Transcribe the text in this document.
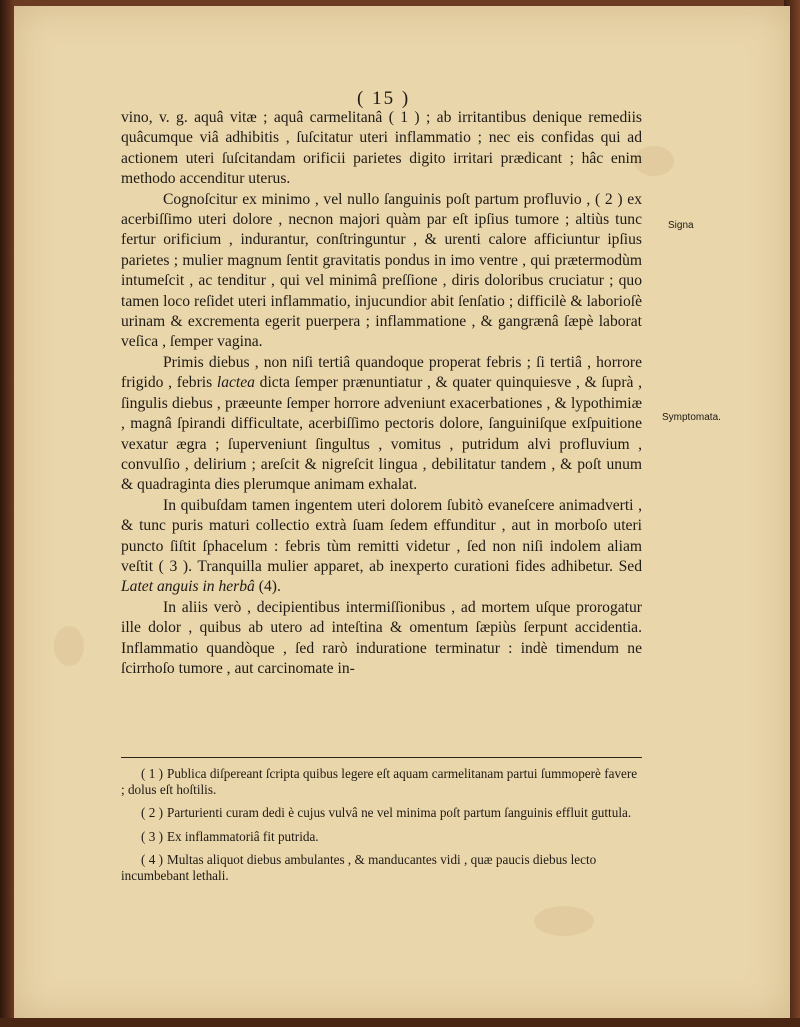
( 15 )
Signa
Symptomata.

vino, v. g. aquâ vitæ ; aquâ carmelitanâ ( 1 ) ; ab irritantibus denique remediis quâcumque viâ adhibitis , ſuſcitatur uteri inflammatio ; nec eis confidas qui ad actionem uteri ſuſcitandam orificii parietes digito irritari prædicant ; hâc enim methodo accenditur uterus.

Cognoſcitur ex minimo , vel nullo ſanguinis poſt partum profluvio , ( 2 ) ex acerbiſſimo uteri dolore , necnon majori quàm par eſt ipſius tumore ; altiùs tunc fertur orificium , indurantur, conſtringuntur , & urenti calore afficiuntur ipſius parietes ; mulier magnum ſentit gravitatis pondus in imo ventre , qui prætermodùm intumeſcit , ac tenditur , qui vel minimâ preſſione , diris doloribus cruciatur ; quo tamen loco reſidet uteri inflammatio, injucundior abit ſenſatio ; difficilè & laborioſè urinam & excrementa egerit puerpera ; inflammatione , & gangrænâ ſæpè laborat veſica , ſemper vagina.

Primis diebus , non niſi tertiâ quandoque properat febris ; ſi tertiâ , horrore frigido , febris lactea dicta ſemper prænuntiatur , & quater quinquiesve , & ſuprà , ſingulis diebus , præeunte ſemper horrore adveniunt exacerbationes , & lypothimiæ , magnâ ſpirandi difficultate, acerbiſſimo pectoris dolore, ſanguiniſque exſpuitione vexatur ægra ; ſuperveniunt ſingultus , vomitus , putridum alvi profluvium , convulſio , delirium ; areſcit & nigreſcit lingua , debilitatur tandem , & poſt unum & quadraginta dies plerumque animam exhalat.

In quibuſdam tamen ingentem uteri dolorem ſubitò evaneſcere animadverti , & tunc puris maturi collectio extrà ſuam ſedem effunditur , aut in morboſo uteri puncto ſiſtit ſphacelum : febris tùm remitti videtur , ſed non niſi indolem aliam veſtit ( 3 ). Tranquilla mulier apparet, ab inexperto curationi fides adhibetur. Sed Latet anguis in herbâ (4).

In aliis verò , decipientibus intermiſſionibus , ad mortem uſque prorogatur ille dolor , quibus ab utero ad inteſtina & omentum ſæpiùs ſerpunt accidentia. Inflammatio quandòque , ſed rarò induratione terminatur : indè timendum ne ſcirrhoſo tumore , aut carcinomate in-

( 1 ) Publica diſpereant ſcripta quibus legere eſt aquam carmelitanam partui ſummoperè favere ; dolus eſt hoſtilis.

( 2 ) Parturienti curam dedi è cujus vulvâ ne vel minima poſt partum ſanguinis effluit guttula.

( 3 ) Ex inflammatoriâ fit putrida.

( 4 ) Multas aliquot diebus ambulantes , & manducantes vidi , quæ paucis diebus lecto incumbebant lethali.
